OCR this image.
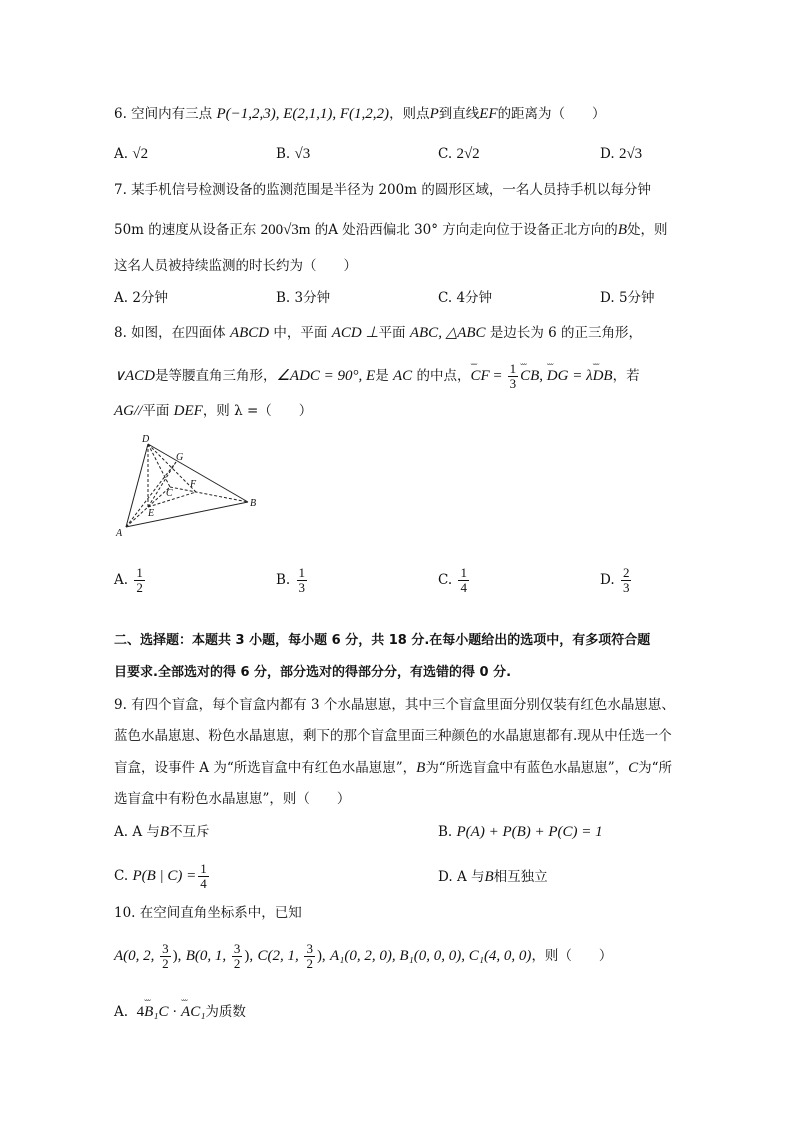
6. 空间内有三点 P(−1,2,3), E(2,1,1), F(1,2,2)，则点P到直线EF的距离为（　　）
A. √2	B. √3	C. 2√2	D. 2√3
7. 某手机信号检测设备的监测范围是半径为 200m 的圆形区域，一名人员持手机以每分钟
50m 的速度从设备正东 200√3m 的A 处沿西偏北 30° 方向走向位于设备正北方向的B处，则
这名人员被持续监测的时长约为（　　）
A. 2分钟	B. 3分钟	C. 4分钟	D. 5分钟
8. 如图，在四面体 ABCD 中，平面 ACD ⊥平面 ABC, △ABC 是边长为 6 的正三角形，
∨ACD是等腰直角三角形，∠ADC = 90°, E是 AC 的中点，˘˘˘ CF = $\frac{1}{3}$
˘˘˘ CB, ˘˘˘ DG = λ˘˘˘ DB，若
AG//平面 DEF，则 λ =（　　）
D
G
F
C
E
B
A
A. $\frac{1}{2}$	B. $\frac{1}{3}$	C. $\frac{1}{4}$	D. $\frac{2}{3}$
二、选择题：本题共 3 小题，每小题 6 分，共 18 分.在每小题给出的选项中，有多项符合题
目要求.全部选对的得 6 分，部分选对的得部分分，有选错的得 0 分.
9. 有四个盲盒，每个盲盒内都有 3 个水晶崽崽，其中三个盲盒里面分别仅装有红色水晶崽崽、
蓝色水晶崽崽、粉色水晶崽崽，剩下的那个盲盒里面三种颜色的水晶崽崽都有.现从中任选一个
盲盒，设事件 A 为“所选盲盒中有红色水晶崽崽”，B为“所选盲盒中有蓝色水晶崽崽”，C为“所
选盲盒中有粉色水晶崽崽”，则（　　）
A. A 与B不互斥	B. P(A) + P(B) + P(C) = 1
C. P(B | $C) = \frac{1}{4}$	D. A 与B相互独立
10. 在空间直角坐标系中，已知
A(0, 2, $\frac{3}{2}$ ), B(0, 1, $\frac{3}{2}$ ), C(2, 1, $\frac{3}{2}$ ), A₁(0, 2, 0), B₁(0, 0, 0), C₁(4, 0, 0)，则（　　）
A. 4˘˘˘ B₁C · ˘˘˘ AC₁为质数
